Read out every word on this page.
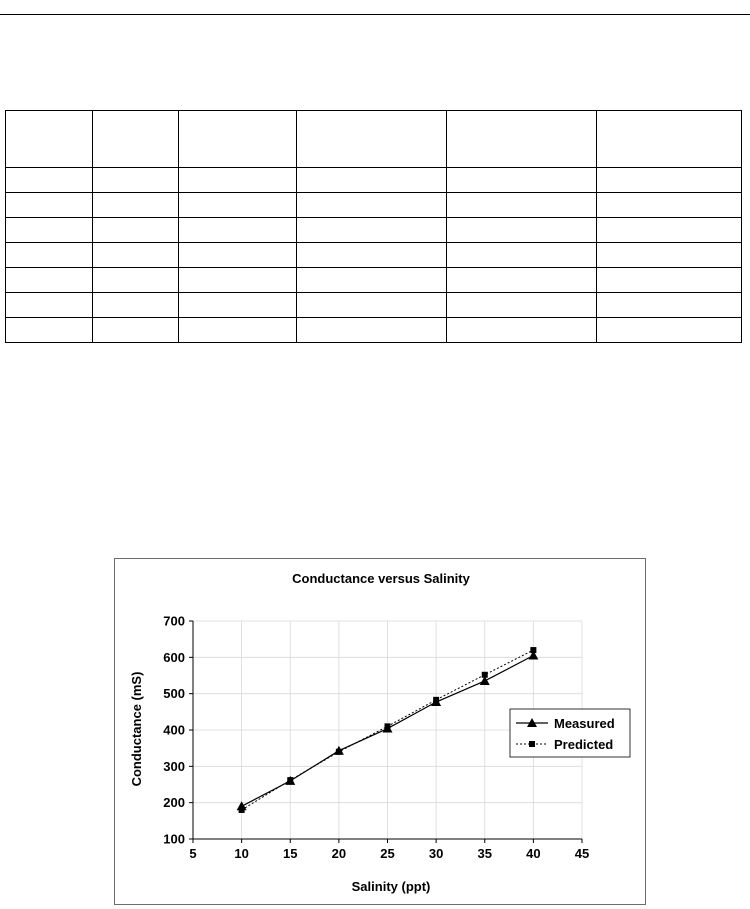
Conductance versus Salinity
100
200
300
400
500
600
700
5	10	15	20	25	30	35	40	45
Salinity (ppt)
Conductance (mS)	Measured
Predicted
